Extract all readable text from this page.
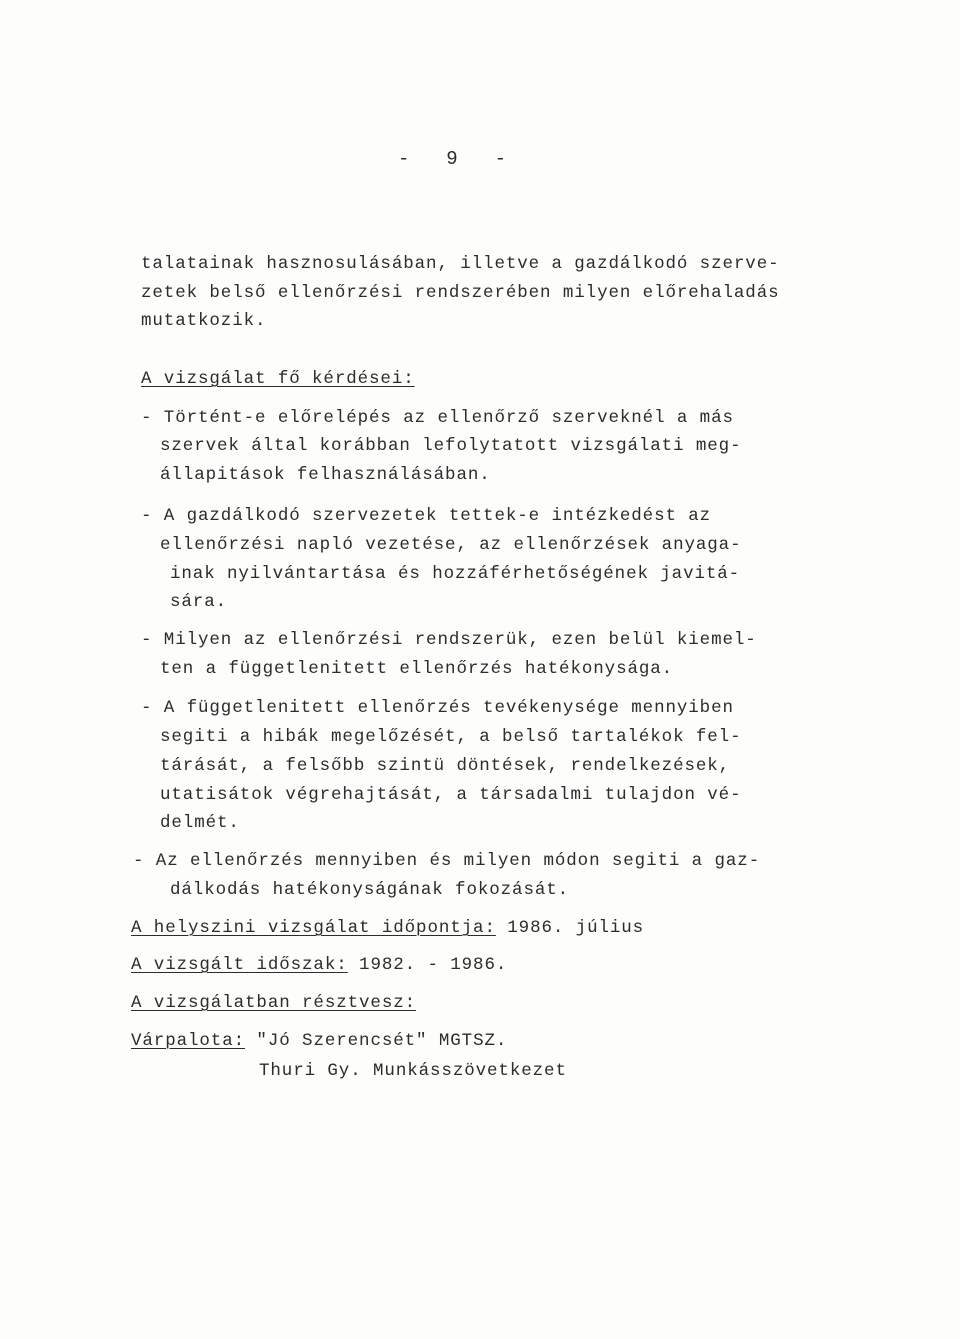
- 9 -
talatainak hasznosulásában, illetve a gazdálkodó szerve-
zetek belső ellenőrzési rendszerében milyen előrehaladás
mutatkozik.
A vizsgálat fő kérdései:
- Történt-e előrelépés az ellenőrző szerveknél a más
szervek által korábban lefolytatott vizsgálati meg-
állapitások felhasználásában.
- A gazdálkodó szervezetek tettek-e intézkedést az
ellenőrzési napló vezetése, az ellenőrzések anyaga-
inak nyilvántartása és hozzáférhetőségének javitá-
sára.
- Milyen az ellenőrzési rendszerük, ezen belül kiemel-
ten a függetlenitett ellenőrzés hatékonysága.
- A függetlenitett ellenőrzés tevékenysége mennyiben
segiti a hibák megelőzését, a belső tartalékok fel-
tárását, a felsőbb szintü döntések, rendelkezések,
utatisátok végrehajtását, a társadalmi tulajdon vé-
delmét.
- Az ellenőrzés mennyiben és milyen módon segiti a gaz-
dálkodás hatékonyságának fokozását.
A helyszini vizsgálat időpontja: 1986. július
A vizsgált időszak: 1982. - 1986.
A vizsgálatban résztvesz:
Várpalota: "Jó Szerencsét" MGTSZ.
Thuri Gy. Munkásszövetkezet
